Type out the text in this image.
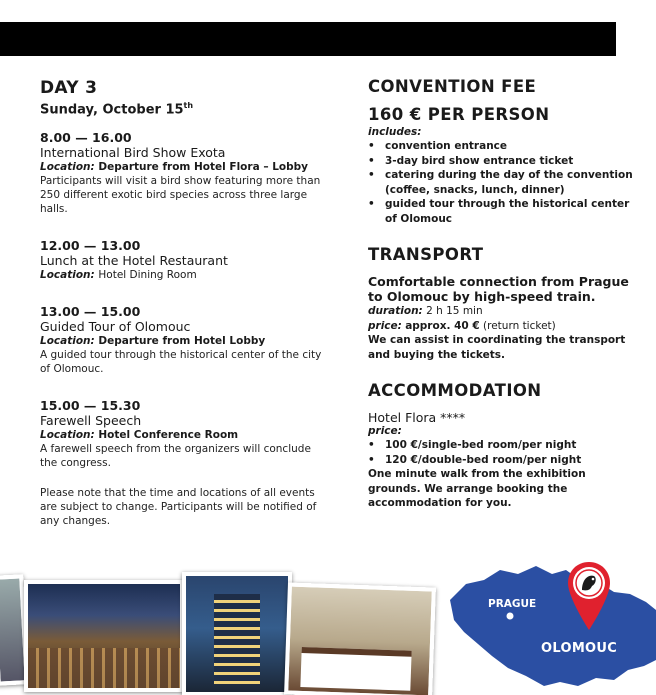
DAY 3
Sunday, October 15th
8.00 — 16.00
International Bird Show Exota
Location: Departure from Hotel Flora – Lobby
Participants will visit a bird show featuring more than 250 different exotic bird species across three large halls.
12.00 — 13.00
Lunch at the Hotel Restaurant
Location: Hotel Dining Room
13.00 — 15.00
Guided Tour of Olomouc
Location: Departure from Hotel Lobby
A guided tour through the historical center of the city of Olomouc.
15.00 — 15.30
Farewell Speech
Location: Hotel Conference Room
A farewell speech from the organizers will conclude the congress.
Please note that the time and locations of all events are subject to change. Participants will be notified of any changes.
CONVENTION FEE
160 € PER PERSON
includes:
• convention entrance
• 3-day bird show entrance ticket
• catering during the day of the convention (coffee, snacks, lunch, dinner)
• guided tour through the historical center of Olomouc
TRANSPORT
Comfortable connection from Prague to Olomouc by high-speed train.
duration: 2 h 15 min
price: approx. 40 € (return ticket)
We can assist in coordinating the transport and buying the tickets.
ACCOMMODATION
Hotel Flora ****
price:
• 100 €/single-bed room/per night
• 120 €/double-bed room/per night
One minute walk from the exhibition grounds. We arrange booking the accommodation for you.
PRAGUE
OLOMOUC
